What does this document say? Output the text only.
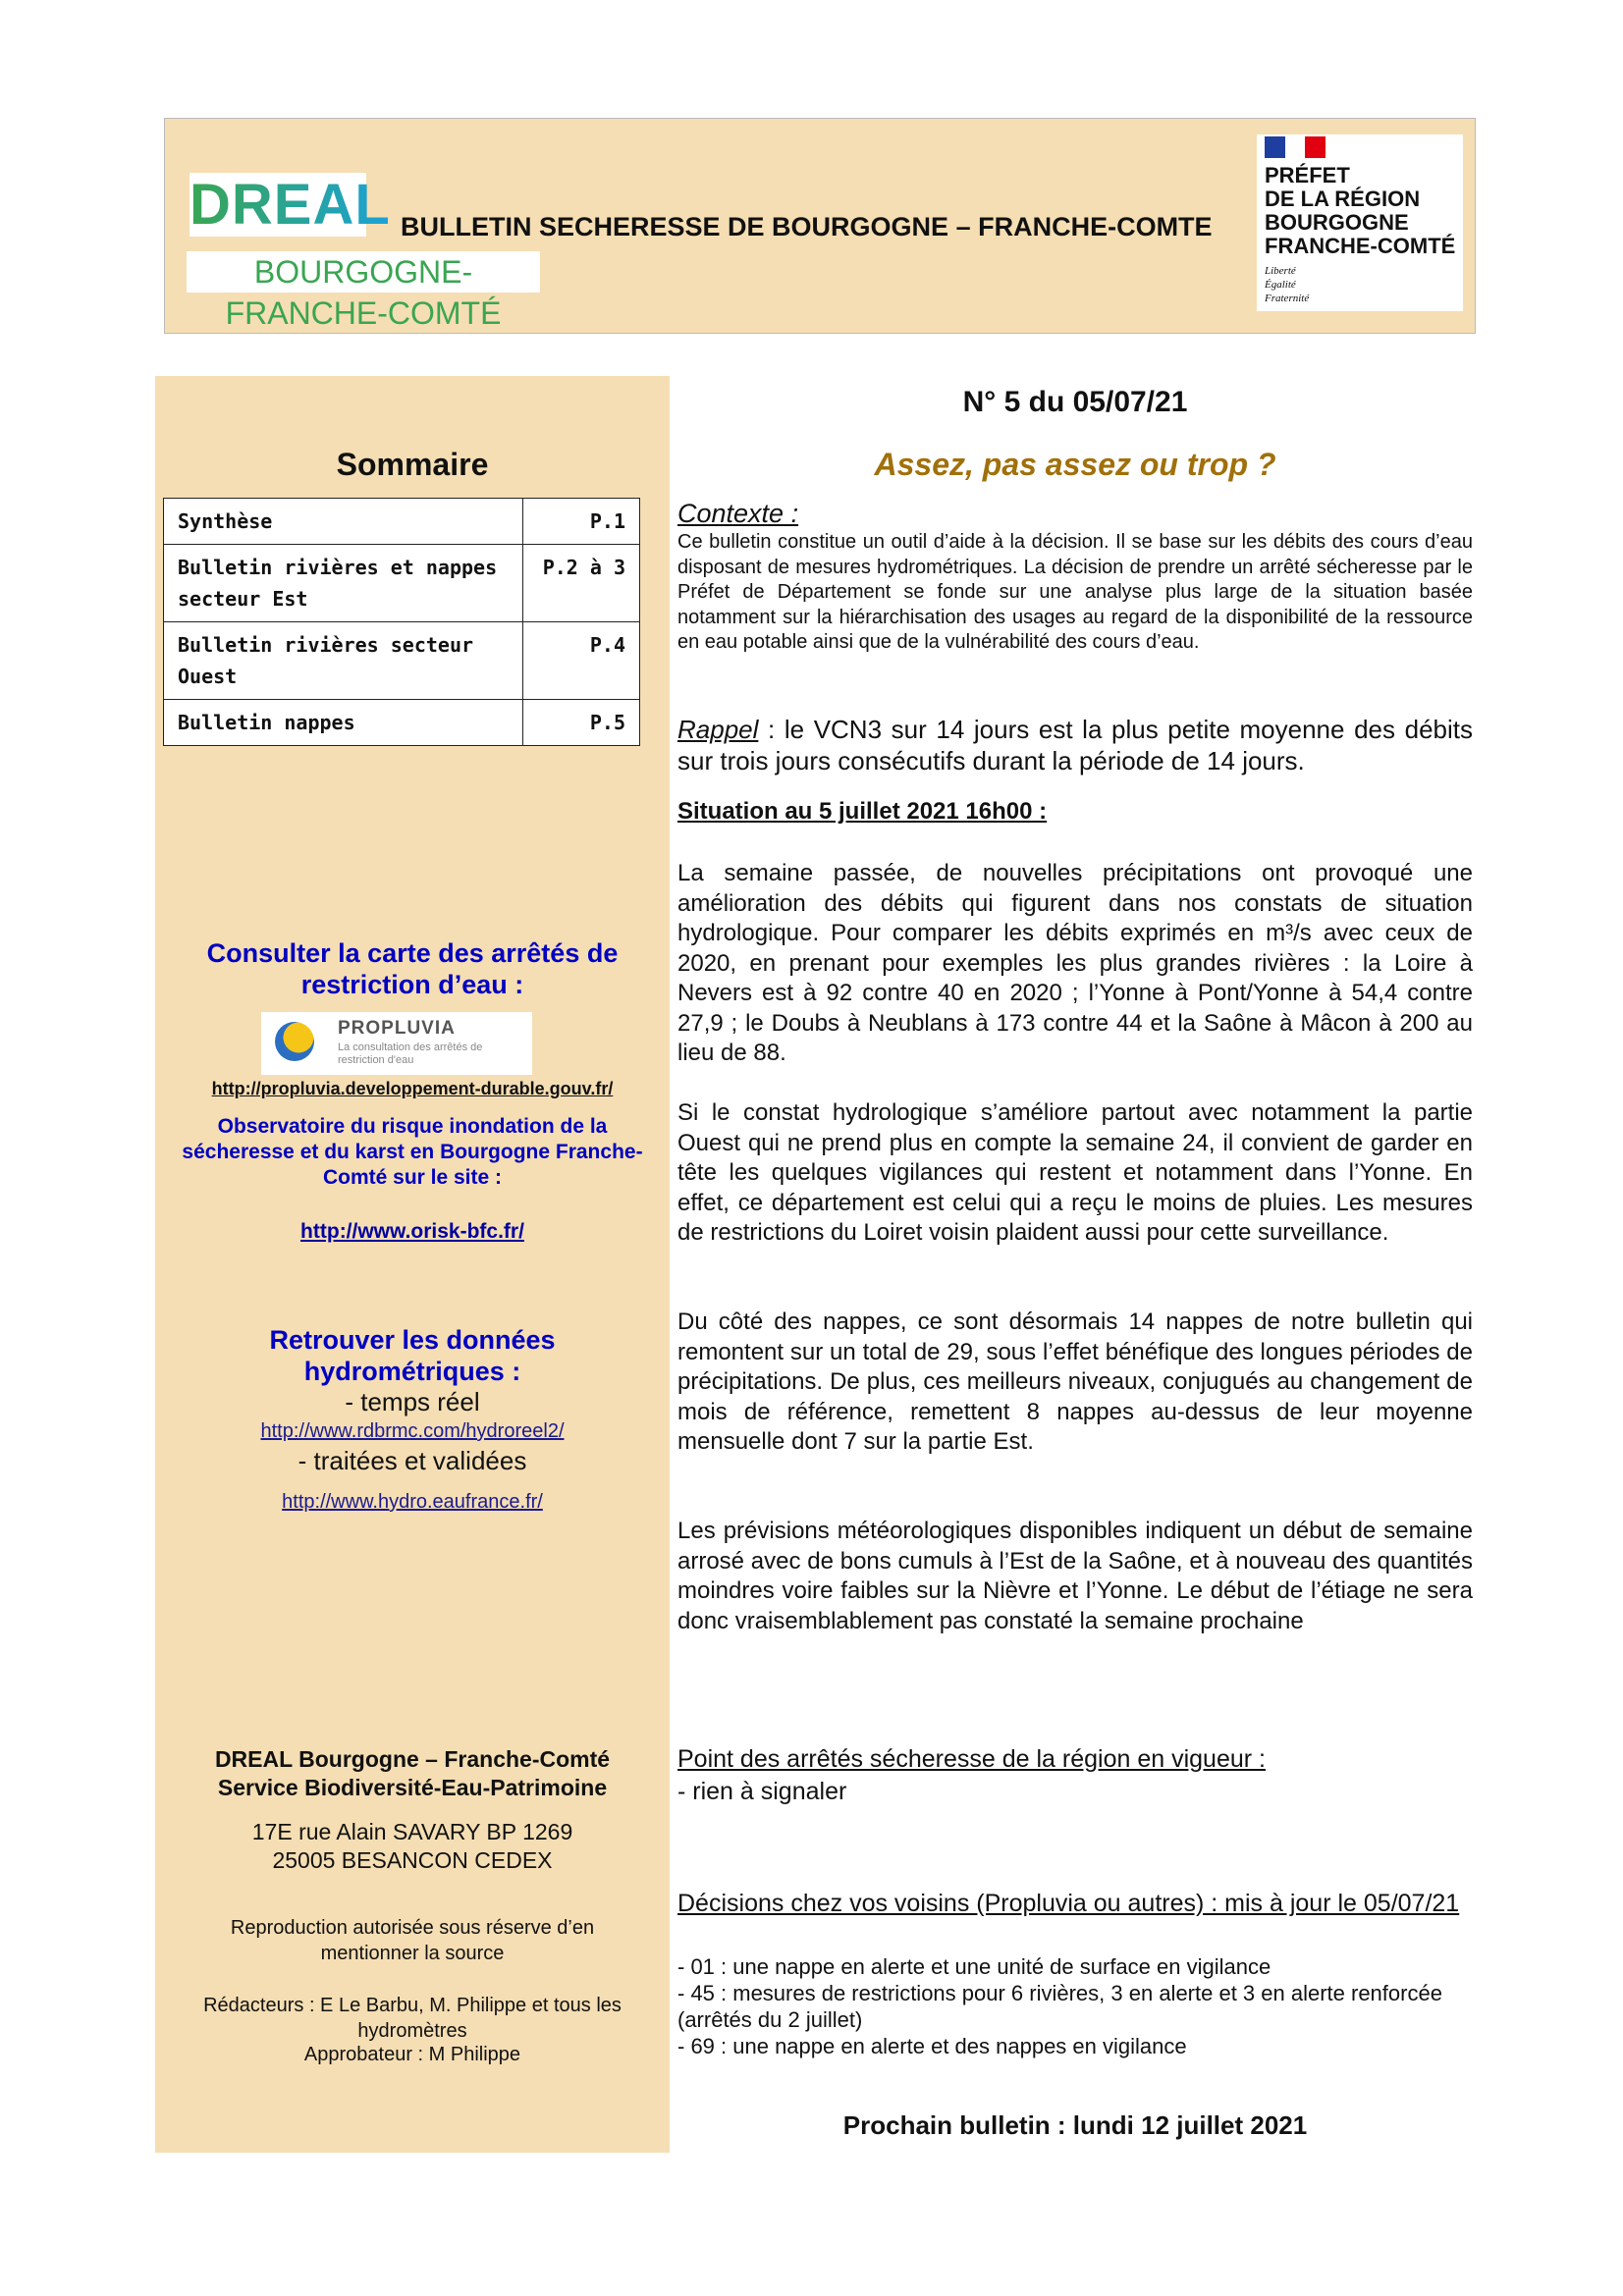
DREAL
BOURGOGNE-FRANCHE-COMTÉ
BULLETIN SECHERESSE DE BOURGOGNE – FRANCHE-COMTE
PRÉFET
DE LA RÉGION
BOURGOGNE
FRANCHE-COMTÉ
Liberté
Égalité
Fraternité
Sommaire
Synthèse	P.1
Bulletin rivières et nappes secteur Est	P.2 à 3
Bulletin rivières secteur Ouest	P.4
Bulletin nappes	P.5
Consulter la carte des arrêtés de restriction d’eau :
PROPLUVIA
La consultation des arrêtés de restriction d'eau
http://propluvia.developpement-durable.gouv.fr/
Observatoire du risque inondation de la sécheresse et du karst en Bourgogne Franche-Comté sur le site :
http://www.orisk-bfc.fr/
Retrouver les données hydrométriques :
- temps réel
http://www.rdbrmc.com/hydroreel2/
- traitées et validées
http://www.hydro.eaufrance.fr/
DREAL Bourgogne – Franche-Comté
Service Biodiversité-Eau-Patrimoine
17E rue Alain SAVARY BP 1269
25005 BESANCON CEDEX
Reproduction autorisée sous réserve d’en mentionner la source
Rédacteurs : E Le Barbu, M. Philippe et tous les hydromètres
Approbateur : M Philippe
N° 5 du 05/07/21
Assez, pas assez ou trop ?
Contexte :
Ce bulletin constitue un outil d’aide à la décision. Il se base sur les débits des cours d’eau disposant de mesures hydrométriques. La décision de prendre un arrêté sécheresse par le Préfet de Département se fonde sur une analyse plus large de la situation basée notamment sur la hiérarchisation des usages au regard de la disponibilité de la ressource en eau potable ainsi que de la vulnérabilité des cours d’eau.
Rappel : le VCN3 sur 14 jours est la plus petite moyenne des débits sur trois jours consécutifs durant la période de 14 jours.
Situation au 5 juillet 2021 16h00 :
La semaine passée, de nouvelles précipitations ont provoqué une amélioration des débits qui figurent dans nos constats de situation hydrologique. Pour comparer les débits exprimés en m³/s avec ceux de 2020, en prenant pour exemples les plus grandes rivières : la Loire à Nevers est à 92 contre 40 en 2020 ; l’Yonne à Pont/Yonne à 54,4 contre 27,9 ; le Doubs à Neublans à 173 contre 44 et la Saône à Mâcon à 200 au lieu de 88.
Si le constat hydrologique s’améliore partout avec notamment la partie Ouest qui ne prend plus en compte la semaine 24, il convient de garder en tête les quelques vigilances qui restent et notamment dans l’Yonne. En effet, ce département est celui qui a reçu le moins de pluies. Les mesures de restrictions du Loiret voisin plaident aussi pour cette surveillance.
Du côté des nappes, ce sont désormais 14 nappes de notre bulletin qui remontent sur un total de 29, sous l’effet bénéfique des longues périodes de précipitations. De plus, ces meilleurs niveaux, conjugués au changement de mois de référence, remettent 8 nappes au-dessus de leur moyenne mensuelle dont 7 sur la partie Est.
Les prévisions météorologiques disponibles indiquent un début de semaine arrosé avec de bons cumuls à l’Est de la Saône, et à nouveau des quantités moindres voire faibles sur la Nièvre et l’Yonne. Le début de l’étiage ne sera donc vraisemblablement pas constaté la semaine prochaine
Point des arrêtés sécheresse de la région en vigueur :
- rien à signaler
Décisions chez vos voisins (Propluvia ou autres) : mis à jour le 05/07/21
- 01 : une nappe en alerte et une unité de surface en vigilance
- 45 : mesures de restrictions pour 6 rivières, 3 en alerte et 3 en alerte renforcée (arrêtés du 2 juillet)
- 69 : une nappe en alerte et des nappes en vigilance
Prochain bulletin : lundi 12 juillet 2021
